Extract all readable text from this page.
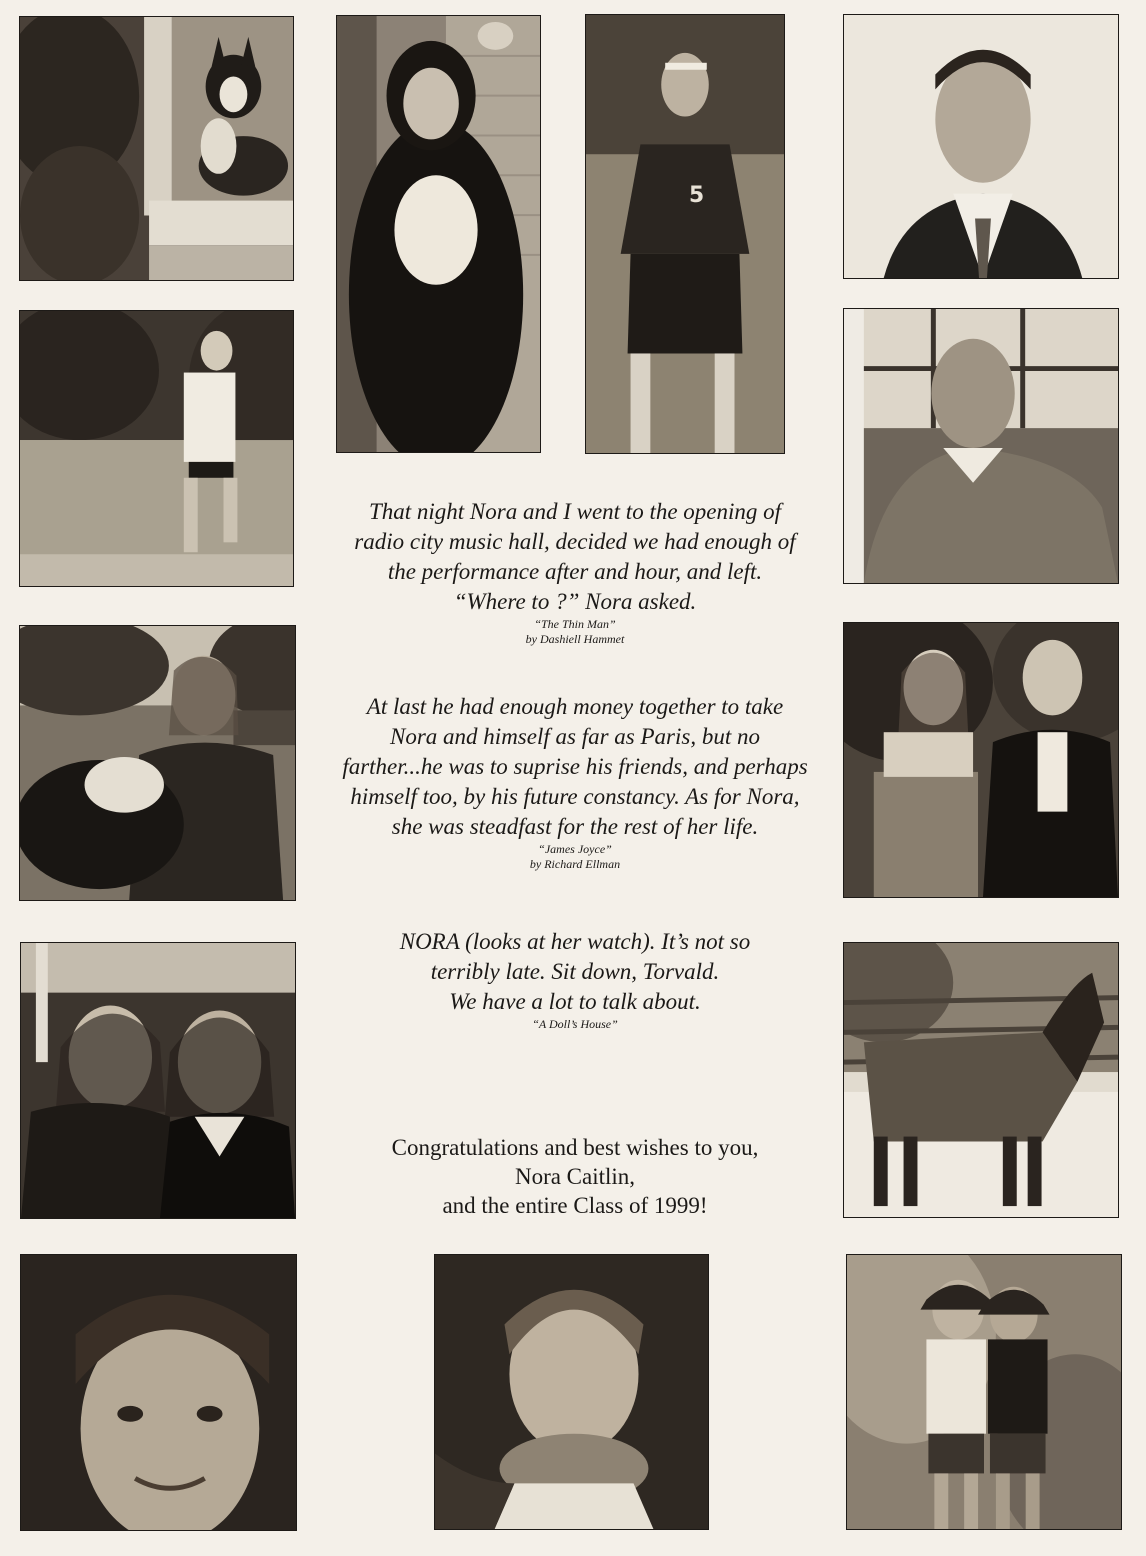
5
That night Nora and I went to the opening of
radio city music hall, decided we had enough of
the performance after and hour, and left.
“Where to ?” Nora asked.
“The Thin Man”
by Dashiell Hammet
At last he had enough money together to take
Nora and himself as far as Paris, but no
farther...he was to suprise his friends, and perhaps
himself too, by his future constancy. As for Nora,
she was steadfast for the rest of her life.
“James Joyce”
by Richard Ellman
NORA (looks at her watch). It’s not so
terribly late. Sit down, Torvald.
We have a lot to talk about.
“A Doll’s House”
Congratulations and best wishes to you,
Nora Caitlin,
and the entire Class of 1999!
